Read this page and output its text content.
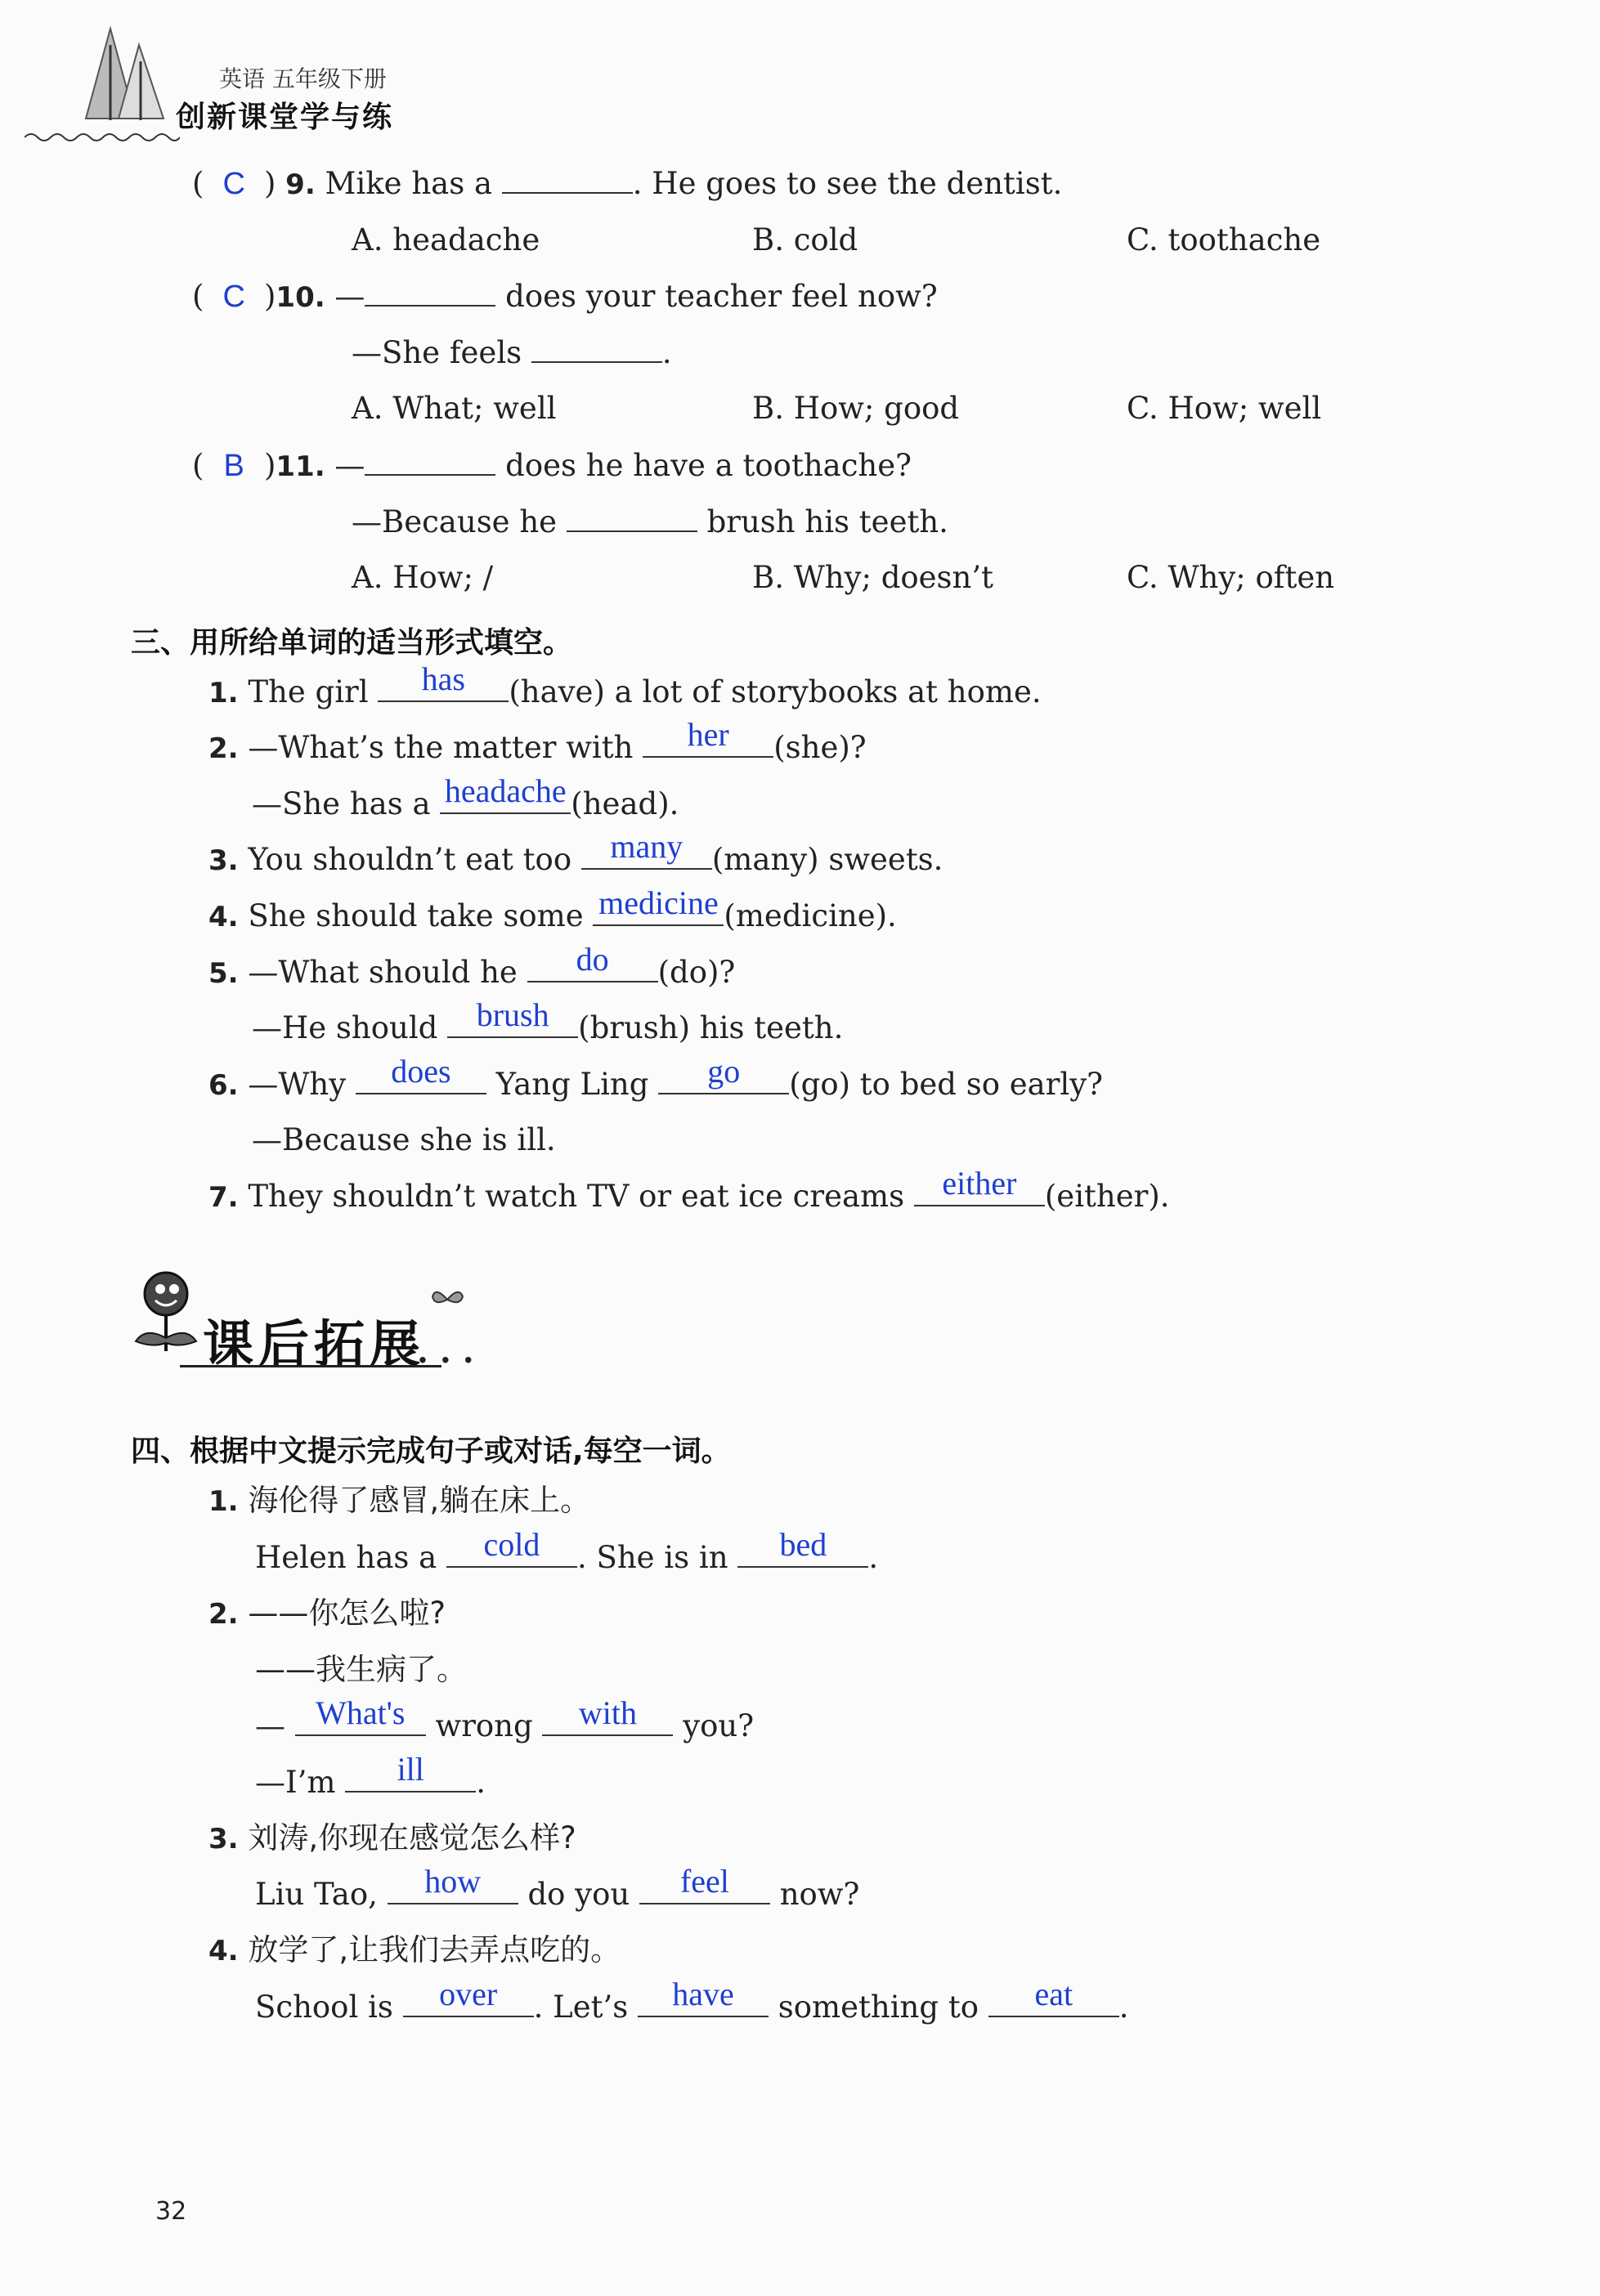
英语 五年级下册
创新课堂学与练
( C ) 9. Mike has a	. He goes to see the dentist.
A. headache	B. cold	C. toothache
( C )10. —	does your teacher feel now?
—She feels	.
A. What; well	B. How; good	C. How; well
( B )11. —	does he have a toothache?
—Because he	brush his teeth.
A. How; /	B. Why; doesn’t	C. Why; often
三、用所给单词的适当形式填空。
1. The girl	has	(have) a lot of storybooks at home.
2. —What’s the matter with	her	(she)?
—She has a headache (head).
3. You shouldn’t eat too	many (many) sweets.
4. She should take some medicine (medicine).
5. —What should he	do	(do)?
—He should	brush (brush) his teeth.
6. —Why	does	Yang Ling	go	(go) to bed so early?
—Because she is ill.
7. They shouldn’t watch TV or eat ice creams	either (either).
课后拓展
. . .
四、根据中文提示完成句子或对话,每空一词。
1. 海伦得了感冒,躺在床上。
Helen has a	cold	. She is in	bed	.
2. ——你怎么啦?
——我生病了。
— What's	wrong	with	you?
—I’m	ill	.
3. 刘涛,你现在感觉怎么样?
Liu Tao,	how	do you	feel	now?
4. 放学了,让我们去弄点吃的。
School is	over	. Let’s	have	something to	eat	.
32
